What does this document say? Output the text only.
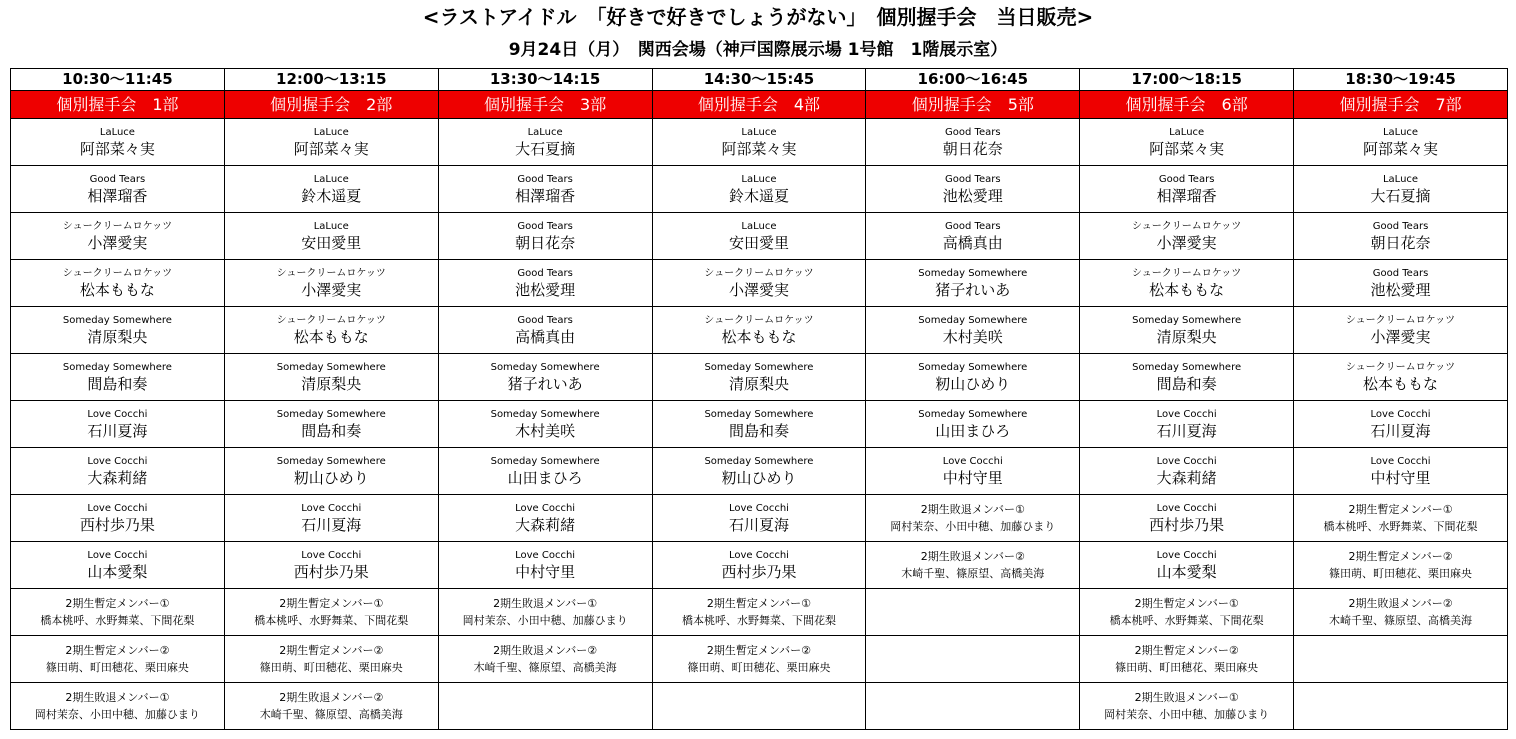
<ラストアイドル　「好きで好きでしょうがない」　個別握手会　当日販売>
9月24日（月）　関西会場（神戸国際展示場 1号館　1階展示室）
10:30〜11:45	12:00〜13:15	13:30〜14:15	14:30〜15:45	16:00〜16:45	17:00〜18:15	18:30〜19:45
個別握手会　1部	個別握手会　2部	個別握手会　3部	個別握手会　4部	個別握手会　5部	個別握手会　6部	個別握手会　7部

LaLuce
阿部菜々実	LaLuce
阿部菜々実	LaLuce
大石夏摘	LaLuce
阿部菜々実	Good Tears
朝日花奈	LaLuce
阿部菜々実	LaLuce
阿部菜々実

Good Tears
相澤瑠香	LaLuce
鈴木遥夏	Good Tears
相澤瑠香	LaLuce
鈴木遥夏	Good Tears
池松愛理	Good Tears
相澤瑠香	LaLuce
大石夏摘

シュークリームロケッツ
小澤愛実	LaLuce
安田愛里	Good Tears
朝日花奈	LaLuce
安田愛里	Good Tears
高橋真由	シュークリームロケッツ
小澤愛実	Good Tears
朝日花奈

シュークリームロケッツ
松本ももな	シュークリームロケッツ
小澤愛実	Good Tears
池松愛理	シュークリームロケッツ
小澤愛実	Someday Somewhere
猪子れいあ	シュークリームロケッツ
松本ももな	Good Tears
池松愛理

Someday Somewhere
清原梨央	シュークリームロケッツ
松本ももな	Good Tears
高橋真由	シュークリームロケッツ
松本ももな	Someday Somewhere
木村美咲	Someday Somewhere
清原梨央	シュークリームロケッツ
小澤愛実

Someday Somewhere
間島和奏	Someday Somewhere
清原梨央	Someday Somewhere
猪子れいあ	Someday Somewhere
清原梨央	Someday Somewhere
籾山ひめり	Someday Somewhere
間島和奏	シュークリームロケッツ
松本ももな

Love Cocchi
石川夏海	Someday Somewhere
間島和奏	Someday Somewhere
木村美咲	Someday Somewhere
間島和奏	Someday Somewhere
山田まひろ	Love Cocchi
石川夏海	Love Cocchi
石川夏海

Love Cocchi
大森莉緒	Someday Somewhere
籾山ひめり	Someday Somewhere
山田まひろ	Someday Somewhere
籾山ひめり	Love Cocchi
中村守里	Love Cocchi
大森莉緒	Love Cocchi
中村守里

Love Cocchi
西村歩乃果	Love Cocchi
石川夏海	Love Cocchi
大森莉緒	Love Cocchi
石川夏海	2期生敗退メンバー①
岡村茉奈、小田中穂、加藤ひまり	Love Cocchi
西村歩乃果	2期生暫定メンバー①
橋本桃呼、水野舞菜、下間花梨

Love Cocchi
山本愛梨	Love Cocchi
西村歩乃果	Love Cocchi
中村守里	Love Cocchi
西村歩乃果	2期生敗退メンバー②
木崎千聖、篠原望、高橋美海	Love Cocchi
山本愛梨	2期生暫定メンバー②
篠田萌、町田穂花、栗田麻央

2期生暫定メンバー①
橋本桃呼、水野舞菜、下間花梨	2期生暫定メンバー①
橋本桃呼、水野舞菜、下間花梨	2期生敗退メンバー①
岡村茉奈、小田中穂、加藤ひまり	2期生暫定メンバー①
橋本桃呼、水野舞菜、下間花梨		2期生暫定メンバー①
橋本桃呼、水野舞菜、下間花梨	2期生敗退メンバー②
木崎千聖、篠原望、高橋美海

2期生暫定メンバー②
篠田萌、町田穂花、栗田麻央	2期生暫定メンバー②
篠田萌、町田穂花、栗田麻央	2期生敗退メンバー②
木崎千聖、篠原望、高橋美海	2期生暫定メンバー②
篠田萌、町田穂花、栗田麻央		2期生暫定メンバー②
篠田萌、町田穂花、栗田麻央	

2期生敗退メンバー①
岡村茉奈、小田中穂、加藤ひまり	2期生敗退メンバー②
木崎千聖、篠原望、高橋美海				2期生敗退メンバー①
岡村茉奈、小田中穂、加藤ひまり	
